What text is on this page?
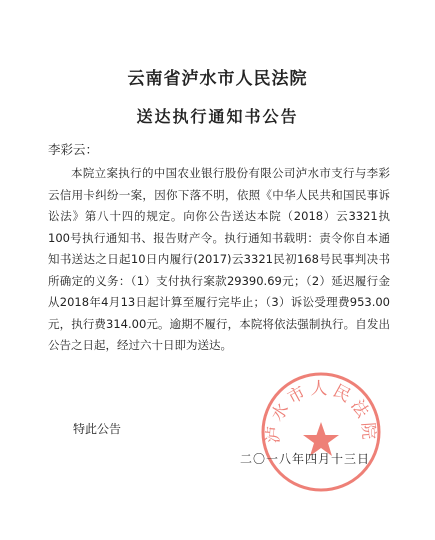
云南省泸水市人民法院
送达执行通知书公告
李彩云：

本院立案执行的中国农业银行股份有限公司泸水市支行与李彩云信用卡纠纷一案，因你下落不明，依照《中华人民共和国民事诉讼法》第八十四的规定。向你公告送达本院（2018）云3321执100号执行通知书、报告财产令。执行通知书载明：责令你自本通知书送达之日起10日内履行(2017)云3321民初168号民事判决书所确定的义务：（1）支付执行案款29390.69元；（2）延迟履行金从2018年4月13日起计算至履行完毕止；（3）诉讼受理费953.00元，执行费314.00元。逾期不履行，本院将依法强制执行。自发出公告之日起，经过六十日即为送达。

特此公告	泸水市人民法院
二〇一八年四月十三日
